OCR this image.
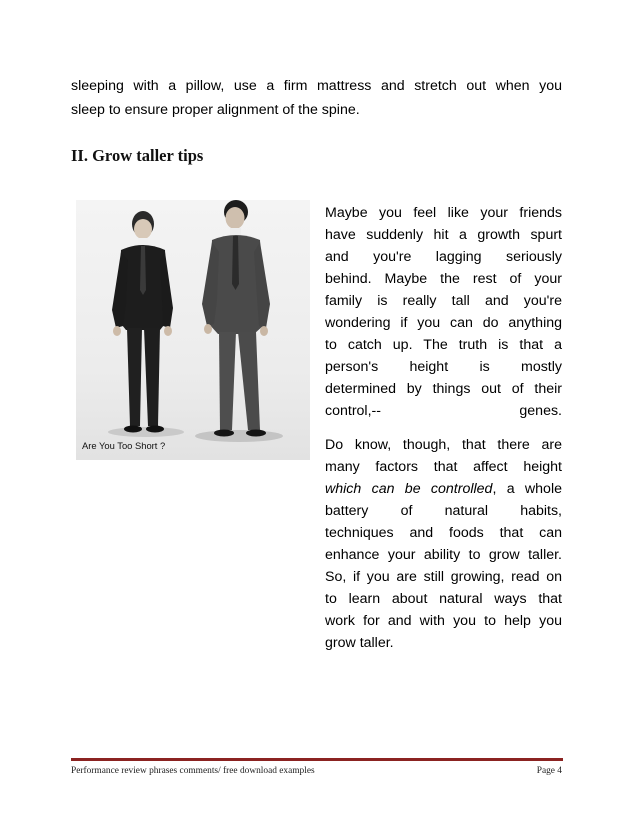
sleeping with a pillow, use a firm mattress and stretch out when you
sleep to ensure proper alignment of the spine.
II. Grow taller tips
Are You Too Short ?
Maybe you feel like your friends
have suddenly hit a growth spurt
and you're lagging seriously
behind. Maybe the rest of your
family is really tall and you're
wondering if you can do anything
to catch up. The truth is that a
person's height is mostly
determined by things out of their
control,-- genes.
Do know, though, that there are
many factors that affect height
which can be controlled, a whole
battery of natural habits,
techniques and foods that can
enhance your ability to grow taller.
So, if you are still growing, read on
to learn about natural ways that
work for and with you to help you
grow taller.
Performance review phrases comments/ free download examples	Page 4
